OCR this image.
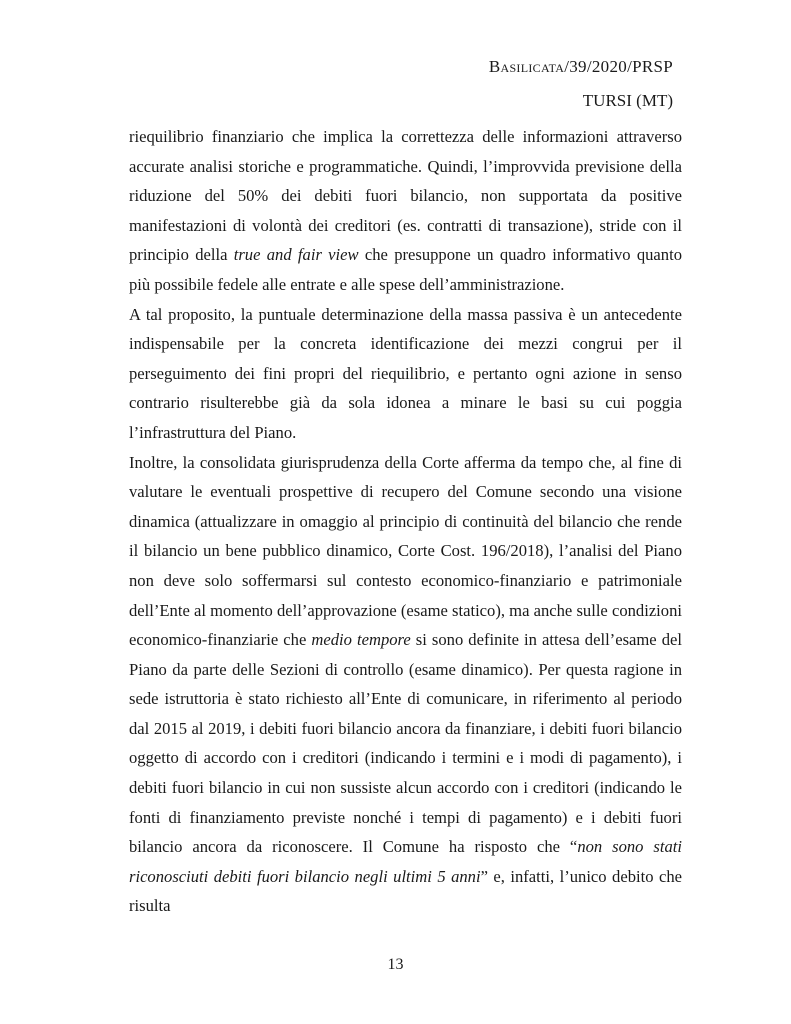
Basilicata/39/2020/PRSP
TURSI (MT)

riequilibrio finanziario che implica la correttezza delle informazioni attraverso accurate analisi storiche e programmatiche. Quindi, l’improvvida previsione della riduzione del 50% dei debiti fuori bilancio, non supportata da positive manifestazioni di volontà dei creditori (es. contratti di transazione), stride con il principio della true and fair view che presuppone un quadro informativo quanto più possibile fedele alle entrate e alle spese dell’amministrazione.

A tal proposito, la puntuale determinazione della massa passiva è un antecedente indispensabile per la concreta identificazione dei mezzi congrui per il perseguimento dei fini propri del riequilibrio, e pertanto ogni azione in senso contrario risulterebbe già da sola idonea a minare le basi su cui poggia l’infrastruttura del Piano.

Inoltre, la consolidata giurisprudenza della Corte afferma da tempo che, al fine di valutare le eventuali prospettive di recupero del Comune secondo una visione dinamica (attualizzare in omaggio al principio di continuità del bilancio che rende il bilancio un bene pubblico dinamico, Corte Cost. 196/2018), l’analisi del Piano non deve solo soffermarsi sul contesto economico-finanziario e patrimoniale dell’Ente al momento dell’approvazione (esame statico), ma anche sulle condizioni economico-finanziarie che medio tempore si sono definite in attesa dell’esame del Piano da parte delle Sezioni di controllo (esame dinamico). Per questa ragione in sede istruttoria è stato richiesto all’Ente di comunicare, in riferimento al periodo dal 2015 al 2019, i debiti fuori bilancio ancora da finanziare, i debiti fuori bilancio oggetto di accordo con i creditori (indicando i termini e i modi di pagamento), i debiti fuori bilancio in cui non sussiste alcun accordo con i creditori (indicando le fonti di finanziamento previste nonché i tempi di pagamento) e i debiti fuori bilancio ancora da riconoscere. Il Comune ha risposto che “non sono stati riconosciuti debiti fuori bilancio negli ultimi 5 anni” e, infatti, l’unico debito che risulta

13
